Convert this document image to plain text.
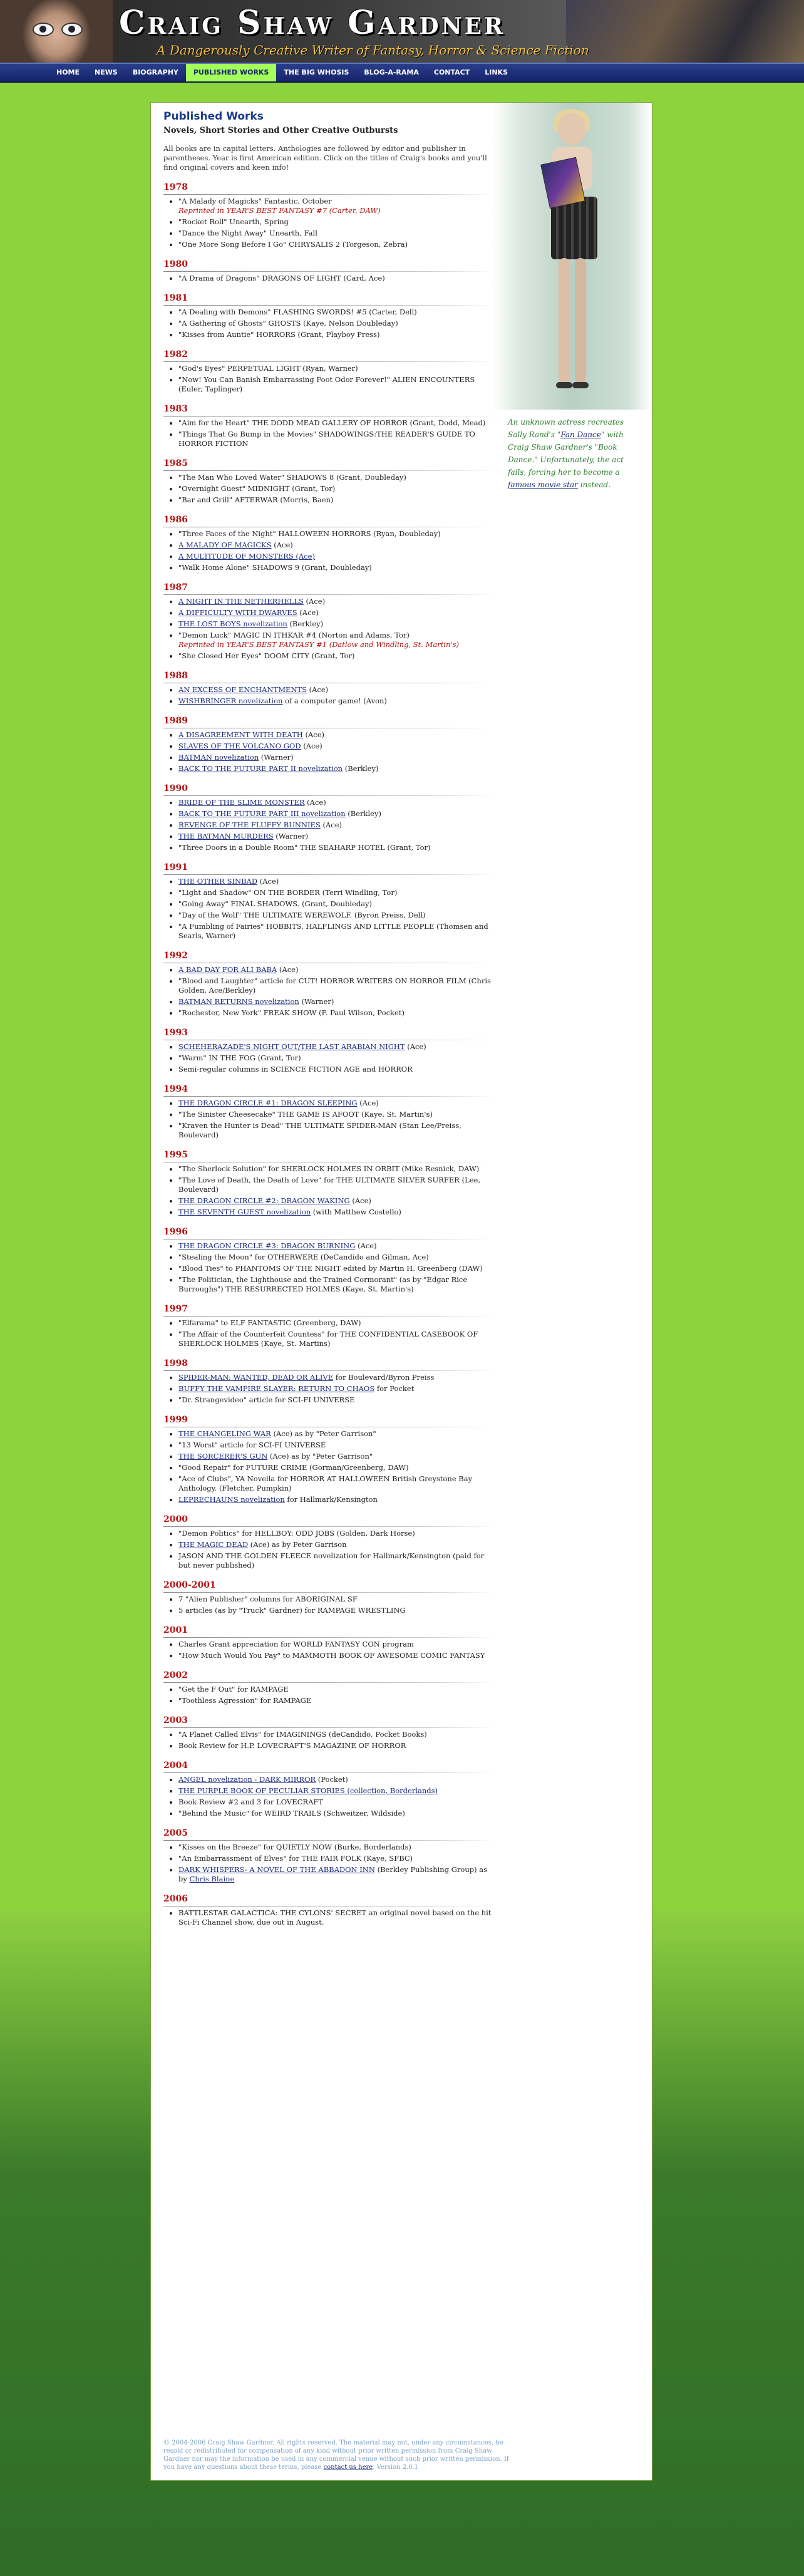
Craig Shaw Gardner
A Dangerously Creative Writer of Fantasy, Horror & Science Fiction
HOME	NEWS	BIOGRAPHY	PUBLISHED WORKS	THE BIG WHOSIS	BLOG-A-RAMA	CONTACT	LINKS
Published Works
Novels, Short Stories and Other Creative Outbursts

All books are in capital letters. Anthologies are followed by editor and publisher in parentheses. Year is first American edition. Click on the titles of Craig's books and you'll find original covers and keen info!

1978
• "A Malady of Magicks" Fantastic, October
Reprinted in YEAR'S BEST FANTASY #7 (Carter, DAW)
• "Rocket Roll" Unearth, Spring
• "Dance the Night Away" Unearth, Fall
• "One More Song Before I Go" CHRYSALIS 2 (Torgeson, Zebra)
1980
• "A Drama of Dragons" DRAGONS OF LIGHT (Card, Ace)
1981
• "A Dealing with Demons" FLASHING SWORDS! #5 (Carter, Dell)
• "A Gathering of Ghosts" GHOSTS (Kaye, Nelson Doubleday)
• "Kisses from Auntie" HORRORS (Grant, Playboy Press)
1982
• "God's Eyes" PERPETUAL LIGHT (Ryan, Warner)
• "Now! You Can Banish Embarrassing Foot Odor Forever!" ALIEN ENCOUNTERS (Euler, Taplinger)
1983
• "Aim for the Heart" THE DODD MEAD GALLERY OF HORROR (Grant, Dodd, Mead)
• "Things That Go Bump in the Movies" SHADOWINGS:THE READER'S GUIDE TO HORROR FICTION
1985
• "The Man Who Loved Water" SHADOWS 8 (Grant, Doubleday)
• "Overnight Guest" MIDNIGHT (Grant, Tor)
• "Bar and Grill" AFTERWAR (Morris, Baen)
1986
• "Three Faces of the Night" HALLOWEEN HORRORS (Ryan, Doubleday)
• A MALADY OF MAGICKS (Ace)
• A MULTITUDE OF MONSTERS (Ace)
• "Walk Home Alone" SHADOWS 9 (Grant, Doubleday)
1987
• A NIGHT IN THE NETHERHELLS (Ace)
• A DIFFICULTY WITH DWARVES (Ace)
• THE LOST BOYS novelization (Berkley)
• "Demon Luck" MAGIC IN ITHKAR #4 (Norton and Adams, Tor)
Reprinted in YEAR'S BEST FANTASY #1 (Datlow and Windling, St. Martin's)
• "She Closed Her Eyes" DOOM CITY (Grant, Tor)
1988
• AN EXCESS OF ENCHANTMENTS (Ace)
• WISHBRINGER novelization of a computer game! (Avon)
1989
• A DISAGREEMENT WITH DEATH (Ace)
• SLAVES OF THE VOLCANO GOD (Ace)
• BATMAN novelization (Warner)
• BACK TO THE FUTURE PART II novelization (Berkley)
1990
• BRIDE OF THE SLIME MONSTER (Ace)
• BACK TO THE FUTURE PART III novelization (Berkley)
• REVENGE OF THE FLUFFY BUNNIES (Ace)
• THE BATMAN MURDERS (Warner)
• "Three Doors in a Double Room" THE SEAHARP HOTEL (Grant, Tor)
1991
• THE OTHER SINBAD (Ace)
• "Light and Shadow" ON THE BORDER (Terri Windling, Tor)
• "Going Away" FINAL SHADOWS. (Grant, Doubleday)
• "Day of the Wolf" THE ULTIMATE WEREWOLF. (Byron Preiss, Dell)
• "A Fumbling of Fairies" HOBBITS, HALFLINGS AND LITTLE PEOPLE (Thomsen and Searls, Warner)
1992
• A BAD DAY FOR ALI BABA (Ace)
• "Blood and Laughter" article for CUT! HORROR WRITERS ON HORROR FILM (Chris Golden, Ace/Berkley)
• BATMAN RETURNS novelization (Warner)
• "Rochester, New York" FREAK SHOW (F. Paul Wilson, Pocket)
1993
• SCHEHERAZADE'S NIGHT OUT/THE LAST ARABIAN NIGHT (Ace)
• "Warm" IN THE FOG (Grant, Tor)
• Semi-regular columns in SCIENCE FICTION AGE and HORROR
1994
• THE DRAGON CIRCLE #1: DRAGON SLEEPING (Ace)
• "The Sinister Cheesecake" THE GAME IS AFOOT (Kaye, St. Martin's)
• "Kraven the Hunter is Dead" THE ULTIMATE SPIDER-MAN (Stan Lee/Preiss, Boulevard)
1995
• "The Sherlock Solution" for SHERLOCK HOLMES IN ORBIT (Mike Resnick, DAW)
• "The Love of Death, the Death of Love" for THE ULTIMATE SILVER SURFER (Lee, Boulevard)
• THE DRAGON CIRCLE #2: DRAGON WAKING (Ace)
• THE SEVENTH GUEST novelization (with Matthew Costello)
1996
• THE DRAGON CIRCLE #3: DRAGON BURNING (Ace)
• "Stealing the Moon" for OTHERWERE (DeCandido and Gilman, Ace)
• "Blood Ties" to PHANTOMS OF THE NIGHT edited by Martin H. Greenberg (DAW)
• "The Politician, the Lighthouse and the Trained Cormorant" (as by "Edgar Rice Burroughs") THE RESURRECTED HOLMES (Kaye, St. Martin's)
1997
• "Elfarama" to ELF FANTASTIC (Greenberg, DAW)
• "The Affair of the Counterfeit Countess" for THE CONFIDENTIAL CASEBOOK OF SHERLOCK HOLMES (Kaye, St. Martins)
1998
• SPIDER-MAN: WANTED, DEAD OR ALIVE for Boulevard/Byron Preiss
• BUFFY THE VAMPIRE SLAYER: RETURN TO CHAOS for Pocket
• "Dr. Strangevideo" article for SCI-FI UNIVERSE
1999
• THE CHANGELING WAR (Ace) as by "Peter Garrison"
• "13 Worst" article for SCI-FI UNIVERSE
• THE SORCERER'S GUN (Ace) as by "Peter Garrison"
• "Good Repair" for FUTURE CRIME (Gorman/Greenberg, DAW)
• "Ace of Clubs", YA Novella for HORROR AT HALLOWEEN British Greystone Bay Anthology. (Fletcher, Pumpkin)
• LEPRECHAUNS novelization for Hallmark/Kensington
2000
• "Demon Politics" for HELLBOY: ODD JOBS (Golden, Dark Horse)
• THE MAGIC DEAD (Ace) as by Peter Garrison
• JASON AND THE GOLDEN FLEECE novelization for Hallmark/Kensington (paid for but never published)
2000-2001
• 7 "Alien Publisher" columns for ABORIGINAL SF
• 5 articles (as by "Truck" Gardner) for RAMPAGE WRESTLING
2001
• Charles Grant appreciation for WORLD FANTASY CON program
• "How Much Would You Pay" to MAMMOTH BOOK OF AWESOME COMIC FANTASY
2002
• "Get the F Out" for RAMPAGE
• "Toothless Agression" for RAMPAGE
2003
• "A Planet Called Elvis" for IMAGININGS (deCandido, Pocket Books)
• Book Review for H.P. LOVECRAFT'S MAGAZINE OF HORROR
2004
• ANGEL novelization - DARK MIRROR (Pocket)
• THE PURPLE BOOK OF PECULIAR STORIES (collection, Borderlands)
• Book Review #2 and 3 for LOVECRAFT
• "Behind the Music" for WEIRD TRAILS (Schweitzer, Wildside)
2005
• "Kisses on the Breeze" for QUIETLY NOW (Burke, Borderlands)
• "An Embarrassment of Elves" for THE FAIR FOLK (Kaye, SFBC)
• DARK WHISPERS- A NOVEL OF THE ABBADON INN (Berkley Publishing Group) as by Chris Blaine
2006
• BATTLESTAR GALACTICA: THE CYLONS' SECRET an original novel based on the hit Sci-Fi Channel show, due out in August.
An unknown actress recreates Sally Rand's "Fan Dance" with Craig Shaw Gardner's "Book Dance." Unfortunately, the act fails, forcing her to become a famous movie star instead.
© 2004-2006 Craig Shaw Gardner. All rights reserved. The material may not, under any circumstances, be resold or redistributed for compensation of any kind without prior written permission from Craig Shaw Gardner nor may the information be used in any commercial venue without such prior written permission. If you have any questions about these terms, please contact us here. Version 2.0.1
